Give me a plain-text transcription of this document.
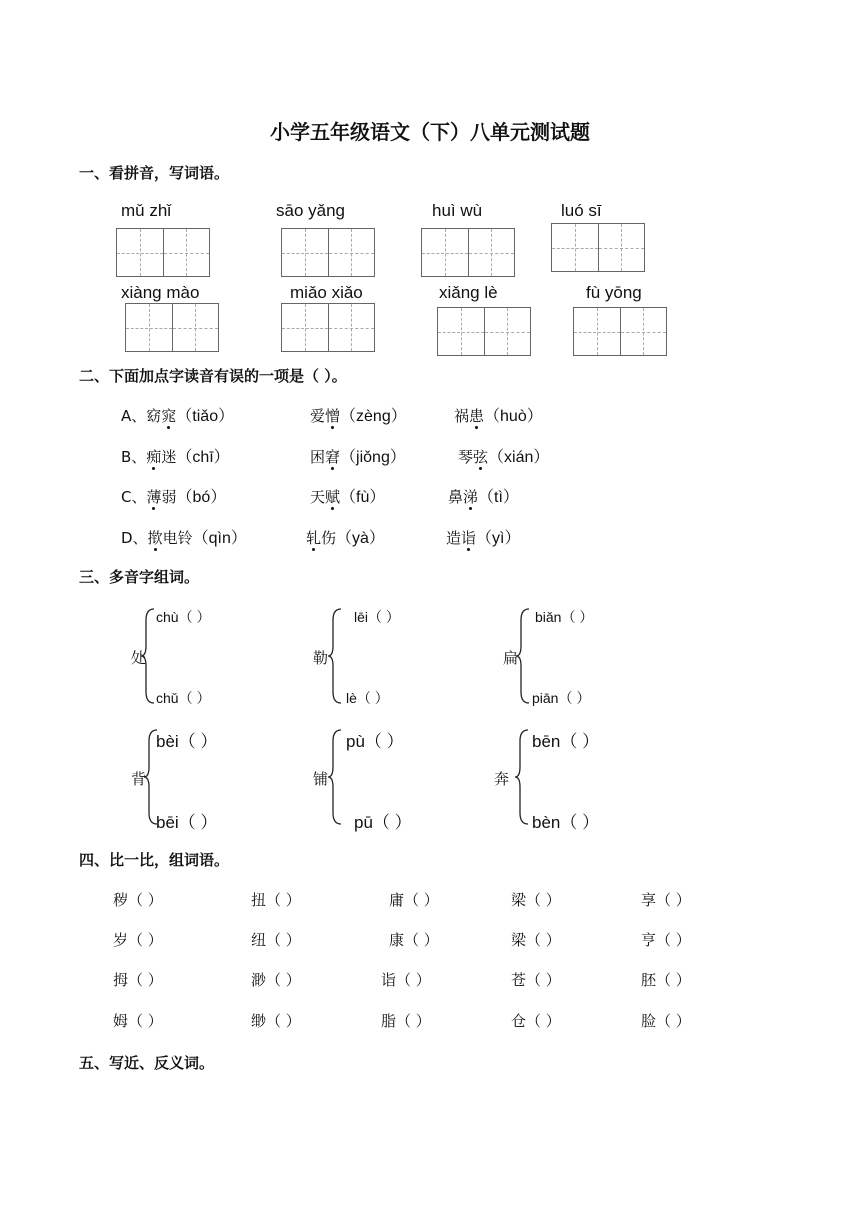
小学五年级语文（下）八单元测试题
一、看拼音，写词语。
mǔ zhǐ	sāo yǎng	huì wù	luó sī
xiàng mào	miǎo xiǎo	xiǎng lè	fù yōng
二、下面加点字读音有误的一项是（ ）。
A、窈窕（tiǎo）	爱憎（zèng）	祸患（huò）
B、痴迷（chī）	困窘（jiǒng）	琴弦（xián）
C、薄弱（bó）	天赋（fù）	鼻涕（tì）
D、揿电铃（qìn）	轧伤（yà）	造诣（yì）
三、多音字组词。
处
chù（ ）
chǔ（ ）
勒
lēi（ ）
lè（ ）
扁
biǎn（ ）
piān（ ）
背
bèi（ ）
bēi（ ）
铺
pù（ ）
pū（ ）
奔
bēn（ ）
bèn（ ）
四、比一比，组词语。
秽（ ）	扭（ ）	庸（ ）	梁（ ）	享（ ）
岁（ ）	纽（ ）	康（ ）	梁（ ）	亨（ ）
拇（ ）	渺（ ）	诣（ ）	苍（ ）	胚（ ）
姆（ ）	缈（ ）	脂（ ）	仓（ ）	脸（ ）
五、写近、反义词。
